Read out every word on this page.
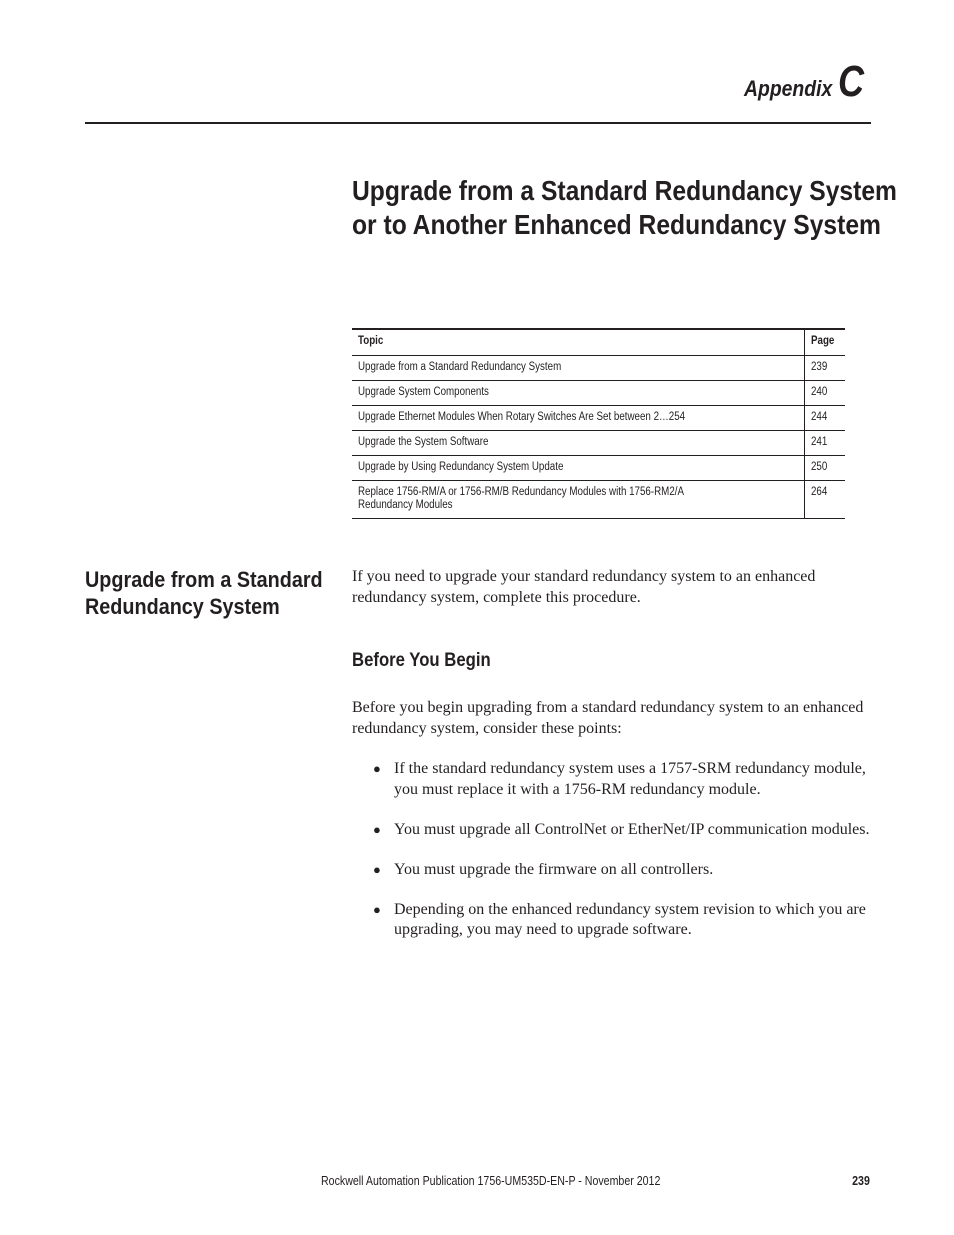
Appendix C
Upgrade from a Standard Redundancy System
or to Another Enhanced Redundancy System
Topic	Page
Upgrade from a Standard Redundancy System	239
Upgrade System Components	240
Upgrade Ethernet Modules When Rotary Switches Are Set between 2…254	244
Upgrade the System Software	241
Upgrade by Using Redundancy System Update	250
Replace 1756-RM/A or 1756-RM/B Redundancy Modules with 1756-RM2/A Redundancy Modules	264
Upgrade from a Standard
Redundancy System

If you need to upgrade your standard redundancy system to an enhanced redundancy system, complete this procedure.

Before You Begin

Before you begin upgrading from a standard redundancy system to an enhanced redundancy system, consider these points:

● If the standard redundancy system uses a 1757-SRM redundancy module, you must replace it with a 1756-RM redundancy module.
● You must upgrade all ControlNet or EtherNet/IP communication modules.
● You must upgrade the firmware on all controllers.
● Depending on the enhanced redundancy system revision to which you are upgrading, you may need to upgrade software.
Rockwell Automation Publication 1756-UM535D-EN-P - November 2012	239
